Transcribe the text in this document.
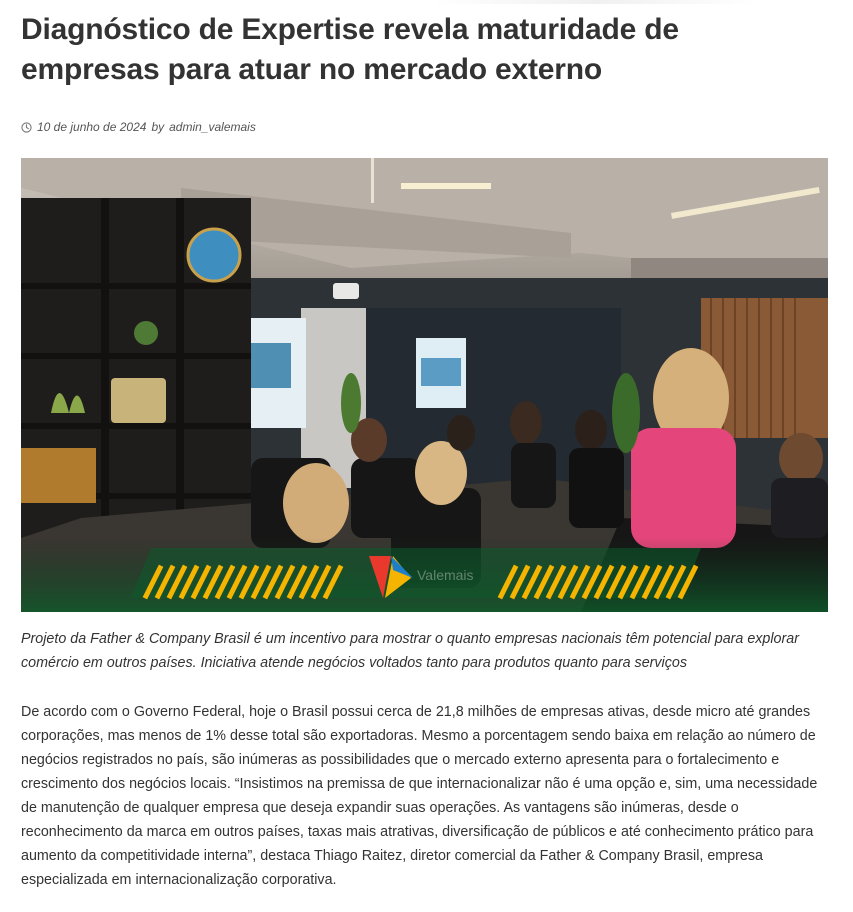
Diagnóstico de Expertise revela maturidade de empresas para atuar no mercado externo
10 de junho de 2024 by admin_valemais
Valemais

Projeto da Father & Company Brasil é um incentivo para mostrar o quanto empresas nacionais têm potencial para explorar comércio em outros países. Iniciativa atende negócios voltados tanto para produtos quanto para serviços

De acordo com o Governo Federal, hoje o Brasil possui cerca de 21,8 milhões de empresas ativas, desde micro até grandes corporações, mas menos de 1% desse total são exportadoras. Mesmo a porcentagem sendo baixa em relação ao número de negócios registrados no país, são inúmeras as possibilidades que o mercado externo apresenta para o fortalecimento e crescimento dos negócios locais. “Insistimos na premissa de que internacionalizar não é uma opção e, sim, uma necessidade de manutenção de qualquer empresa que deseja expandir suas operações. As vantagens são inúmeras, desde o reconhecimento da marca em outros países, taxas mais atrativas, diversificação de públicos e até conhecimento prático para aumento da competitividade interna”, destaca Thiago Raitez, diretor comercial da Father & Company Brasil, empresa especializada em internacionalização corporativa.
